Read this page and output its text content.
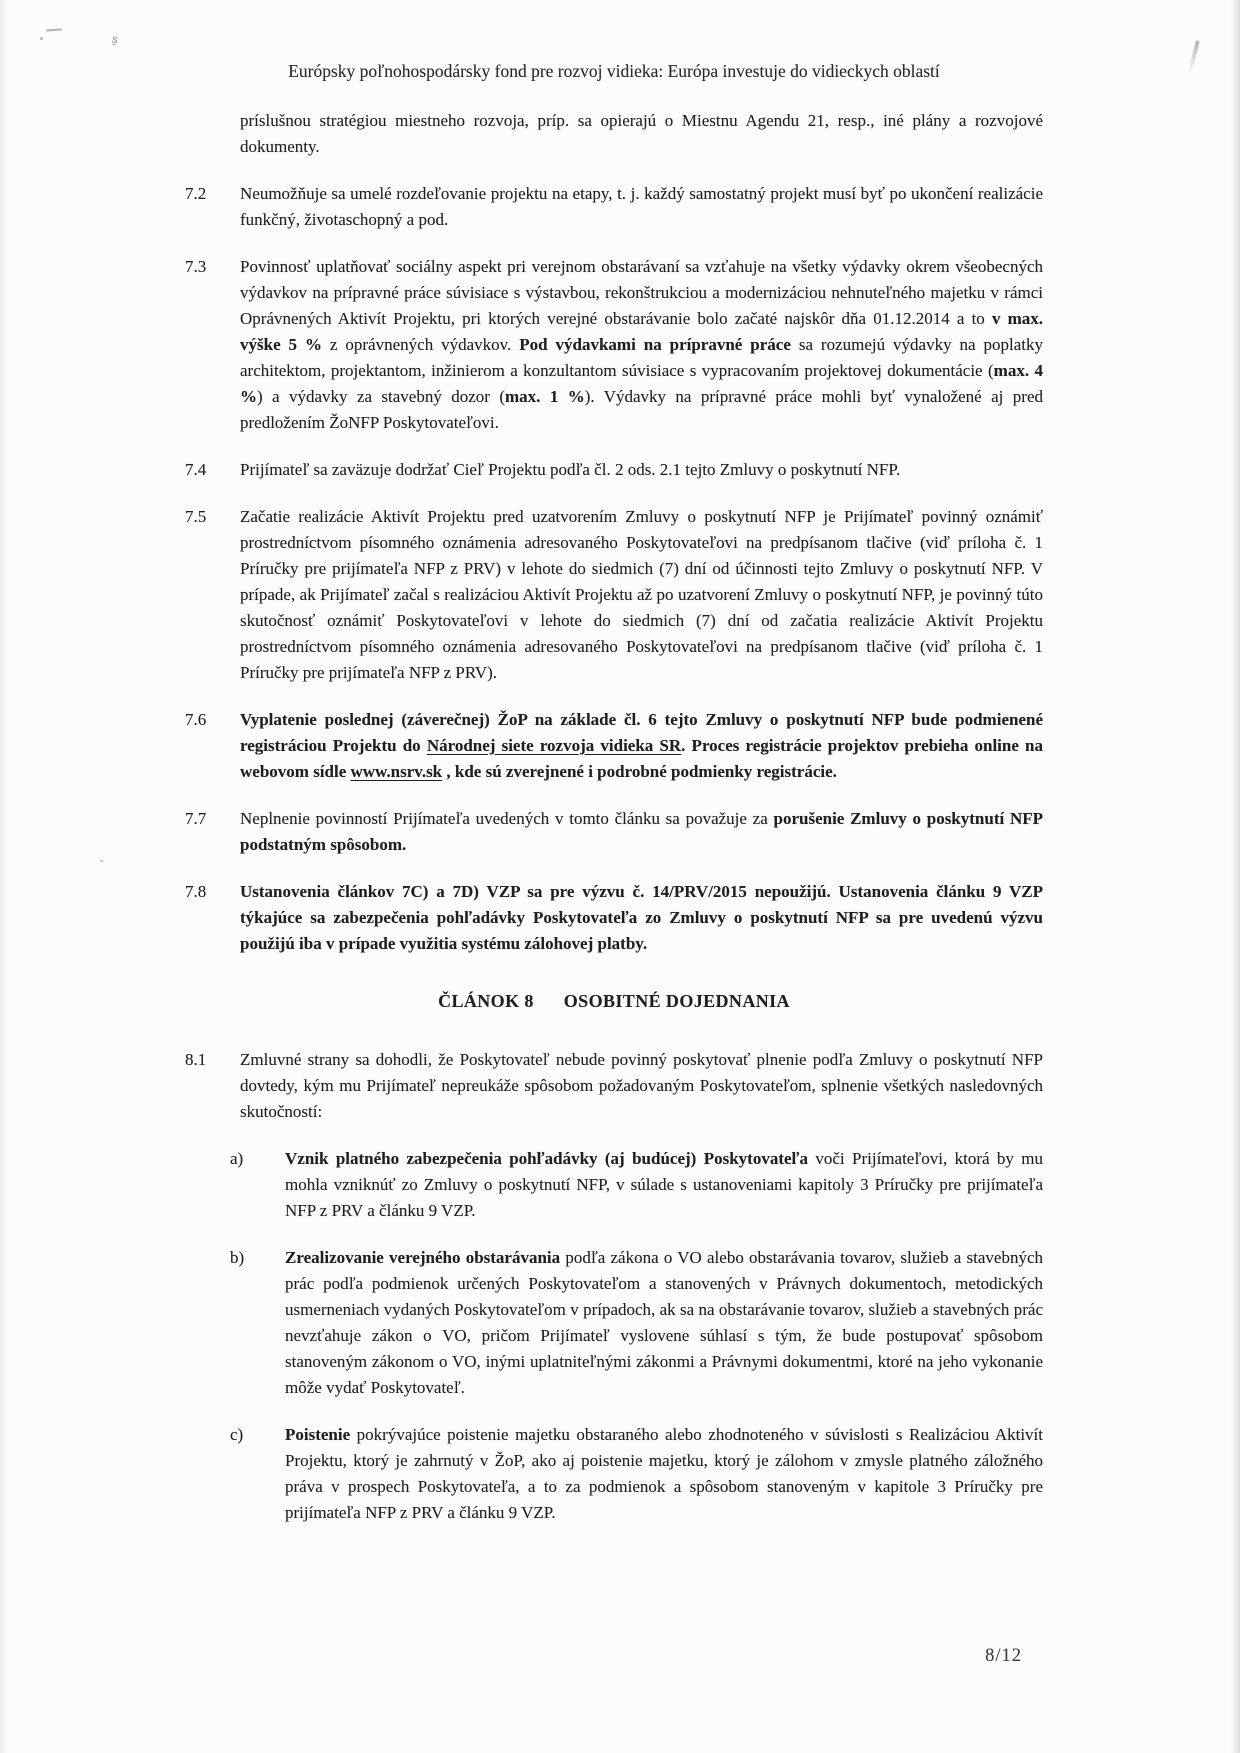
ş
‶
Európsky poľnohospodársky fond pre rozvoj vidieka: Európa investuje do vidieckych oblastí
príslušnou stratégiou miestneho rozvoja, príp. sa opierajú o Miestnu Agendu 21, resp., iné plány a rozvojové dokumenty.
7.2	Neumožňuje sa umelé rozdeľovanie projektu na etapy, t. j. každý samostatný projekt musí byť po ukončení realizácie funkčný, životaschopný a pod.
7.3	Povinnosť uplatňovať sociálny aspekt pri verejnom obstarávaní sa vzťahuje na všetky výdavky okrem všeobecných výdavkov na prípravné práce súvisiace s výstavbou, rekonštrukciou a modernizáciou nehnuteľného majetku v rámci Oprávnených Aktivít Projektu, pri ktorých verejné obstarávanie bolo začaté najskôr dňa 01.12.2014 a to v max. výške 5 % z oprávnených výdavkov. Pod výdavkami na prípravné práce sa rozumejú výdavky na poplatky architektom, projektantom, inžinierom a konzultantom súvisiace s vypracovaním projektovej dokumentácie (max. 4 %) a výdavky za stavebný dozor (max. 1 %). Výdavky na prípravné práce mohli byť vynaložené aj pred predložením ŽoNFP Poskytovateľovi.
7.4	Prijímateľ sa zaväzuje dodržať Cieľ Projektu podľa čl. 2 ods. 2.1 tejto Zmluvy o poskytnutí NFP.
7.5	Začatie realizácie Aktivít Projektu pred uzatvorením Zmluvy o poskytnutí NFP je Prijímateľ povinný oznámiť prostredníctvom písomného oznámenia adresovaného Poskytovateľovi na predpísanom tlačive (viď príloha č. 1 Príručky pre prijímateľa NFP z PRV) v lehote do siedmich (7) dní od účinnosti tejto Zmluvy o poskytnutí NFP. V prípade, ak Prijímateľ začal s realizáciou Aktivít Projektu až po uzatvorení Zmluvy o poskytnutí NFP, je povinný túto skutočnosť oznámiť Poskytovateľovi v lehote do siedmich (7) dní od začatia realizácie Aktivít Projektu prostredníctvom písomného oznámenia adresovaného Poskytovateľovi na predpísanom tlačive (viď príloha č. 1 Príručky pre prijímateľa NFP z PRV).
7.6	Vyplatenie poslednej (záverečnej) ŽoP na základe čl. 6 tejto Zmluvy o poskytnutí NFP bude podmienené registráciou Projektu do Národnej siete rozvoja vidieka SR. Proces registrácie projektov prebieha online na webovom sídle www.nsrv.sk , kde sú zverejnené i podrobné podmienky registrácie.
7.7	Neplnenie povinností Prijímateľa uvedených v tomto článku sa považuje za porušenie Zmluvy o poskytnutí NFP podstatným spôsobom.
7.8	Ustanovenia článkov 7C) a 7D) VZP sa pre výzvu č. 14/PRV/2015 nepoužijú. Ustanovenia článku 9 VZP týkajúce sa zabezpečenia pohľadávky Poskytovateľa zo Zmluvy o poskytnutí NFP sa pre uvedenú výzvu použijú iba v prípade využitia systému zálohovej platby.
ČLÁNOK 8 OSOBITNÉ DOJEDNANIA
8.1	Zmluvné strany sa dohodli, že Poskytovateľ nebude povinný poskytovať plnenie podľa Zmluvy o poskytnutí NFP dovtedy, kým mu Prijímateľ nepreukáže spôsobom požadovaným Poskytovateľom, splnenie všetkých nasledovných skutočností:
a)	Vznik platného zabezpečenia pohľadávky (aj budúcej) Poskytovateľa voči Prijímateľovi, ktorá by mu mohla vzniknúť zo Zmluvy o poskytnutí NFP, v súlade s ustanoveniami kapitoly 3 Príručky pre prijímateľa NFP z PRV a článku 9 VZP.
b)	Zrealizovanie verejného obstarávania podľa zákona o VO alebo obstarávania tovarov, služieb a stavebných prác podľa podmienok určených Poskytovateľom a stanovených v Právnych dokumentoch, metodických usmerneniach vydaných Poskytovateľom v prípadoch, ak sa na obstarávanie tovarov, služieb a stavebných prác nevzťahuje zákon o VO, pričom Prijímateľ vyslovene súhlasí s tým, že bude postupovať spôsobom stanoveným zákonom o VO, inými uplatniteľnými zákonmi a Právnymi dokumentmi, ktoré na jeho vykonanie môže vydať Poskytovateľ.
c)	Poistenie pokrývajúce poistenie majetku obstaraného alebo zhodnoteného v súvislosti s Realizáciou Aktivít Projektu, ktorý je zahrnutý v ŽoP, ako aj poistenie majetku, ktorý je zálohom v zmysle platného záložného práva v prospech Poskytovateľa, a to za podmienok a spôsobom stanoveným v kapitole 3 Príručky pre prijímateľa NFP z PRV a článku 9 VZP.
8/12
